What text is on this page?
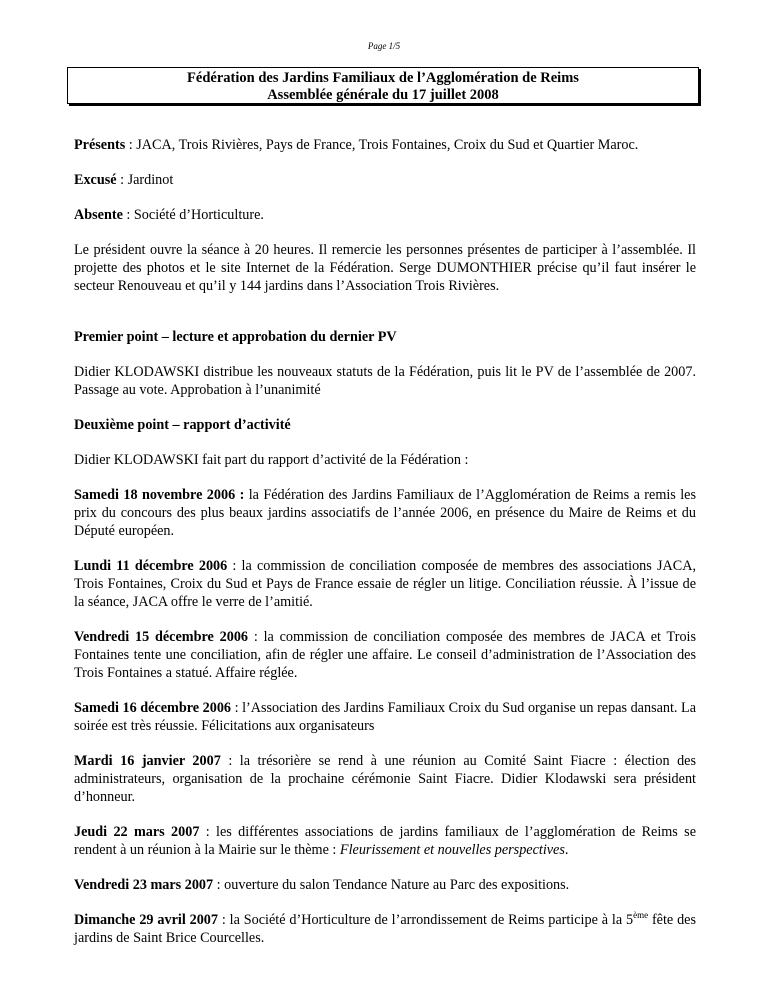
Page 1/5
Fédération des Jardins Familiaux de l’Agglomération de Reims
Assemblée générale du 17 juillet 2008

Présents : JACA, Trois Rivières, Pays de France, Trois Fontaines, Croix du Sud et Quartier Maroc.

Excusé : Jardinot

Absente : Société d’Horticulture.

Le président ouvre la séance à 20 heures. Il remercie les personnes présentes de participer à l’assemblée. Il projette des photos et le site Internet de la Fédération. Serge DUMONTHIER précise qu’il faut insérer le secteur Renouveau et qu’il y 144 jardins dans l’Association Trois Rivières.

Premier point – lecture et approbation du dernier PV

Didier KLODAWSKI distribue les nouveaux statuts de la Fédération, puis lit le PV de l’assemblée de 2007. Passage au vote. Approbation à l’unanimité

Deuxième point – rapport d’activité

Didier KLODAWSKI fait part du rapport d’activité de la Fédération :

Samedi 18 novembre 2006 : la Fédération des Jardins Familiaux de l’Agglomération de Reims a remis les prix du concours des plus beaux jardins associatifs de l’année 2006, en présence du Maire de Reims et du Député européen.

Lundi 11 décembre 2006 : la commission de conciliation composée de membres des associations JACA, Trois Fontaines, Croix du Sud et Pays de France essaie de régler un litige. Conciliation réussie. À l’issue de la séance, JACA offre le verre de l’amitié.

Vendredi 15 décembre 2006 : la commission de conciliation composée des membres de JACA et Trois Fontaines tente une conciliation, afin de régler une affaire. Le conseil d’administration de l’Association des Trois Fontaines a statué. Affaire réglée.

Samedi 16 décembre 2006 : l’Association des Jardins Familiaux Croix du Sud organise un repas dansant. La soirée est très réussie. Félicitations aux organisateurs

Mardi 16 janvier 2007 : la trésorière se rend à une réunion au Comité Saint Fiacre : élection des administrateurs, organisation de la prochaine cérémonie Saint Fiacre. Didier Klodawski sera président d’honneur.

Jeudi 22 mars 2007 : les différentes associations de jardins familiaux de l’agglomération de Reims se rendent à un réunion à la Mairie sur le thème : Fleurissement et nouvelles perspectives.

Vendredi 23 mars 2007 : ouverture du salon Tendance Nature au Parc des expositions.

Dimanche 29 avril 2007 : la Société d’Horticulture de l’arrondissement de Reims participe à la 5ème fête des jardins de Saint Brice Courcelles.
